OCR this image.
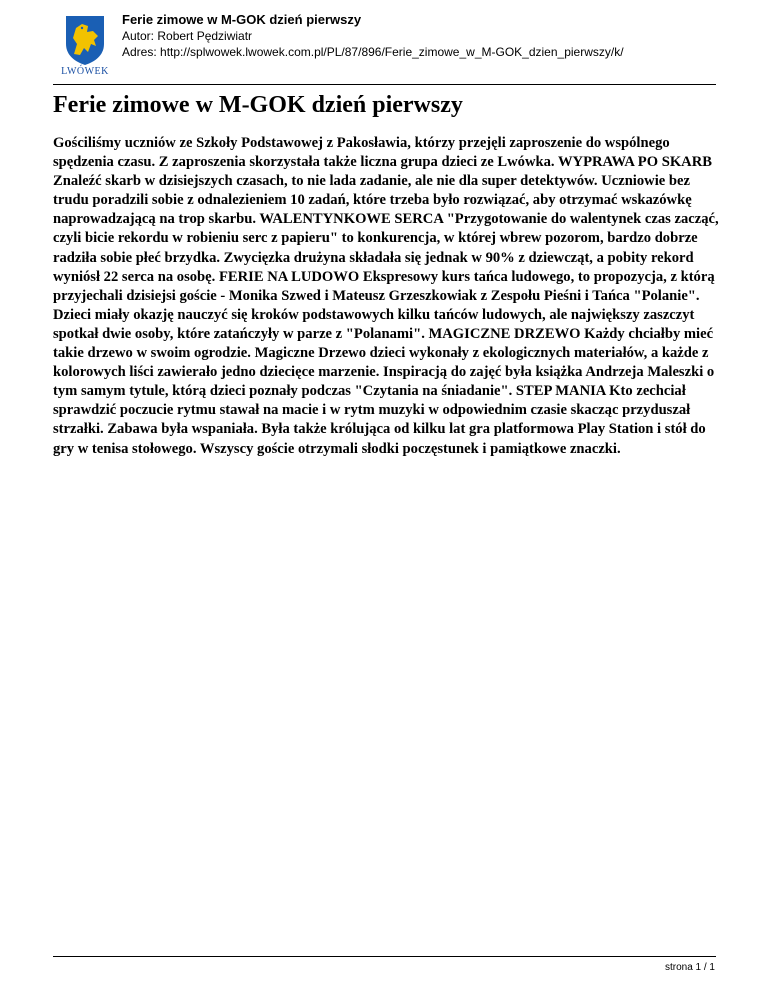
LWÓWEK
Ferie zimowe w M-GOK dzień pierwszy
Autor: Robert Pędziwiatr
Adres: http://splwowek.lwowek.com.pl/PL/87/896/Ferie_zimowe_w_M-GOK_dzien_pierwszy/k/
Ferie zimowe w M-GOK dzień pierwszy

Gościliśmy uczniów ze Szkoły Podstawowej z Pakosławia, którzy przejęli zaproszenie do wspólnego spędzenia czasu. Z zaproszenia skorzystała także liczna grupa dzieci ze Lwówka. WYPRAWA PO SKARB Znaleźć skarb w dzisiejszych czasach, to nie lada zadanie, ale nie dla super detektywów. Uczniowie bez trudu poradzili sobie z odnalezieniem 10 zadań, które trzeba było rozwiązać, aby otrzymać wskazówkę naprowadzającą na trop skarbu. WALENTYNKOWE SERCA "Przygotowanie do walentynek czas zacząć, czyli bicie rekordu w robieniu serc z papieru" to konkurencja, w której wbrew pozorom, bardzo dobrze radziła sobie płeć brzydka. Zwycięzka drużyna składała się jednak w 90% z dziewcząt, a pobity rekord wyniósł 22 serca na osobę. FERIE NA LUDOWO Ekspresowy kurs tańca ludowego, to propozycja, z którą przyjechali dzisiejsi goście - Monika Szwed i Mateusz Grzeszkowiak z Zespołu Pieśni i Tańca "Polanie". Dzieci miały okazję nauczyć się kroków podstawowych kilku tańców ludowych, ale największy zaszczyt spotkał dwie osoby, które zatańczyły w parze z "Polanami". MAGICZNE DRZEWO Każdy chciałby mieć takie drzewo w swoim ogrodzie. Magiczne Drzewo dzieci wykonały z ekologicznych materiałów, a każde z kolorowych liści zawierało jedno dziecięce marzenie. Inspiracją do zajęć była książka Andrzeja Maleszki o tym samym tytule, którą dzieci poznały podczas "Czytania na śniadanie". STEP MANIA Kto zechciał sprawdzić poczucie rytmu stawał na macie i w rytm muzyki w odpowiednim czasie skacząc przyduszał strzałki. Zabawa była wspaniała. Była także królująca od kilku lat gra platformowa Play Station i stół do gry w tenisa stołowego. Wszyscy goście otrzymali słodki poczęstunek i pamiątkowe znaczki.

strona 1 / 1
